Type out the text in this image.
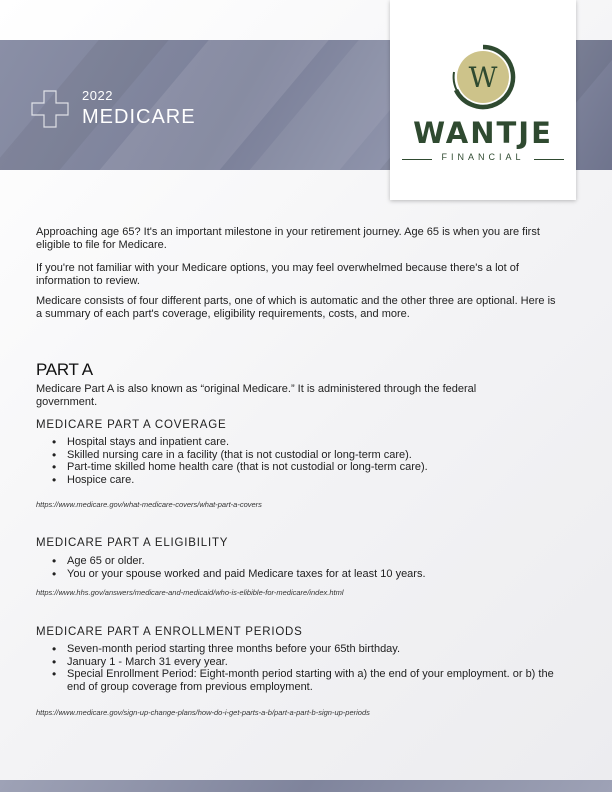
2022
MEDICARE
W
WANTJE
FINANCIAL

Approaching age 65? It's an important milestone in your retirement journey. Age 65 is when you are first eligible to file for Medicare.

If you're not familiar with your Medicare options, you may feel overwhelmed because there's a lot of information to review.

Medicare consists of four different parts, one of which is automatic and the other three are optional. Here is a summary of each part's coverage, eligibility requirements, costs, and more.

PART A

Medicare Part A is also known as “original Medicare.” It is administered through the federal government.

MEDICARE PART A COVERAGE
• Hospital stays and inpatient care.
• Skilled nursing care in a facility (that is not custodial or long-term care).
• Part-time skilled home health care (that is not custodial or long-term care).
• Hospice care.
https://www.medicare.gov/what-medicare-covers/what-part-a-covers
MEDICARE PART A ELIGIBILITY
• Age 65 or older.
• You or your spouse worked and paid Medicare taxes for at least 10 years.
https://www.hhs.gov/answers/medicare-and-medicaid/who-is-elibible-for-medicare/index.html
MEDICARE PART A ENROLLMENT PERIODS
• Seven-month period starting three months before your 65th birthday.
• January 1 - March 31 every year.
• Special Enrollment Period: Eight-month period starting with a) the end of your employment. or b) the end of group coverage from previous employment.
https://www.medicare.gov/sign-up-change-plans/how-do-i-get-parts-a-b/part-a-part-b-sign-up-periods
